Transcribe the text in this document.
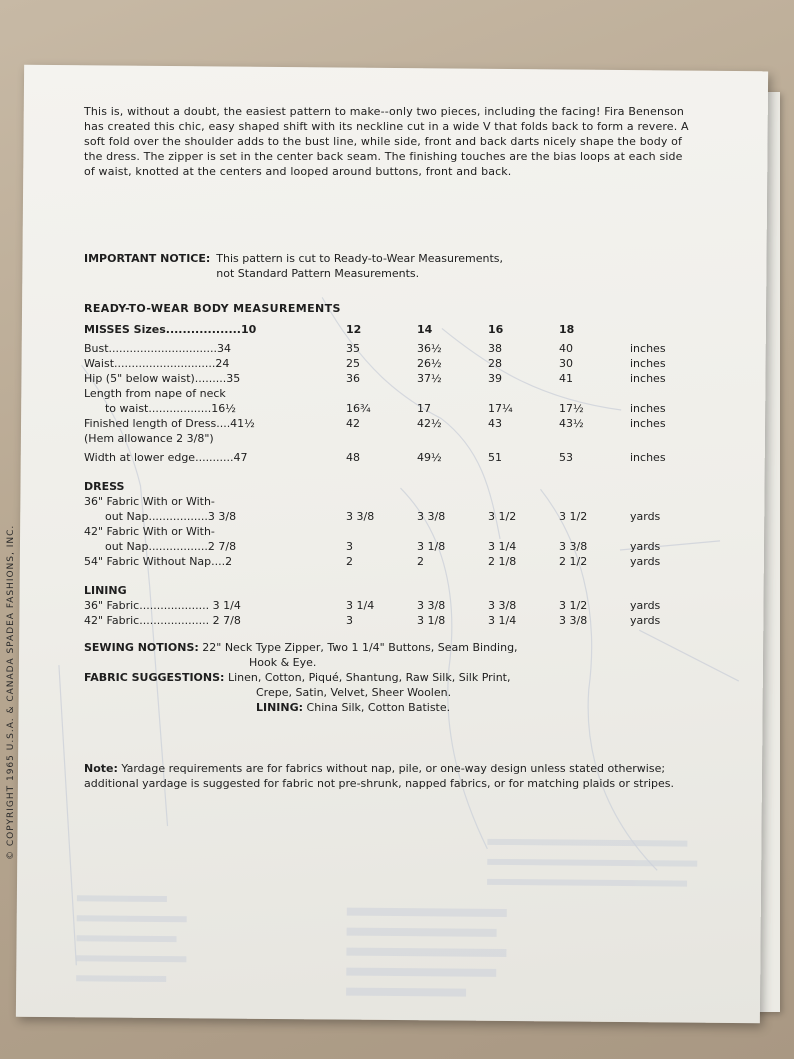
© COPYRIGHT 1965 U.S.A. & CANADA SPADEA FASHIONS, INC.

This is, without a doubt, the easiest pattern to make--only two pieces, including the facing! Fira Benenson has created this chic, easy shaped shift with its neckline cut in a wide V that folds back to form a revere. A soft fold over the shoulder adds to the bust line, while side, front and back darts nicely shape the body of the dress. The zipper is set in the center back seam. The finishing touches are the bias loops at each side of waist, knotted at the centers and looped around buttons, front and back.

IMPORTANT NOTICE: This pattern is cut to Ready-to-Wear Measurements,
not Standard Pattern Measurements.
READY-TO-WEAR BODY MEASUREMENTS
MISSES Sizes..................10	12	14	16	18
Bust...............................34	35	36½	38	40	inches
Waist.............................24	25	26½	28	30	inches
Hip (5" below waist).........35	36	37½	39	41	inches
Length from nape of neck
to waist..................16½	16¾	17	17¼	17½	inches
Finished length of Dress....41½	42	42½	43	43½	inches
(Hem allowance 2 3/8")
Width at lower edge...........47	48	49½	51	53	inches
DRESS
36" Fabric With or With-
out Nap.................3 3/8	3 3/8	3 3/8	3 1/2	3 1/2	yards
42" Fabric With or With-
out Nap.................2 7/8	3	3 1/8	3 1/4	3 3/8	yards
54" Fabric Without Nap....2	2	2	2 1/8	2 1/2	yards
LINING
36" Fabric.................... 3 1/4	3 1/4	3 3/8	3 3/8	3 1/2	yards
42" Fabric.................... 2 7/8	3	3 1/8	3 1/4	3 3/8	yards
SEWING NOTIONS: 22" Neck Type Zipper, Two 1 1/4" Buttons, Seam Binding,
Hook & Eye.
FABRIC SUGGESTIONS: Linen, Cotton, Piqué, Shantung, Raw Silk, Silk Print,
Crepe, Satin, Velvet, Sheer Woolen.
LINING: China Silk, Cotton Batiste.
Note: Yardage requirements are for fabrics without nap, pile, or one-way design unless stated otherwise; additional yardage is suggested for fabric not pre-shrunk, napped fabrics, or for matching plaids or stripes.
